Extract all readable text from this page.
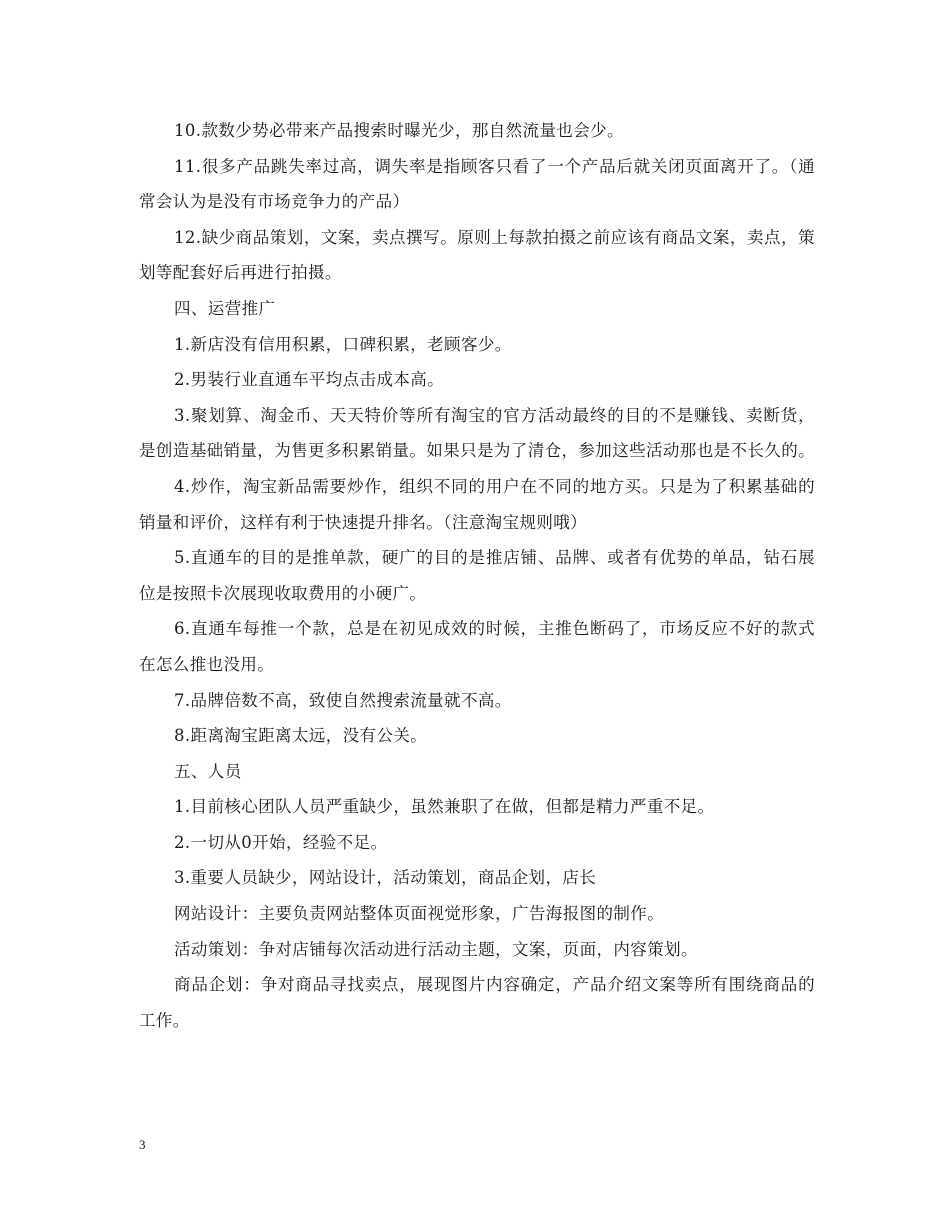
10.款数少势必带来产品搜索时曝光少，那自然流量也会少。

11.很多产品跳失率过高，调失率是指顾客只看了一个产品后就关闭页面离开了。（通常会认为是没有市场竞争力的产品）

12.缺少商品策划，文案，卖点撰写。原则上每款拍摄之前应该有商品文案，卖点，策划等配套好后再进行拍摄。

四、运营推广

1.新店没有信用积累，口碑积累，老顾客少。

2.男装行业直通车平均点击成本高。

3.聚划算、淘金币、天天特价等所有淘宝的官方活动最终的目的不是赚钱、卖断货，是创造基础销量，为售更多积累销量。如果只是为了清仓，参加这些活动那也是不长久的。

4.炒作，淘宝新品需要炒作，组织不同的用户在不同的地方买。只是为了积累基础的销量和评价，这样有利于快速提升排名。（注意淘宝规则哦）

5.直通车的目的是推单款，硬广的目的是推店铺、品牌、或者有优势的单品，钻石展位是按照卡次展现收取费用的小硬广。

6.直通车每推一个款，总是在初见成效的时候，主推色断码了，市场反应不好的款式在怎么推也没用。

7.品牌倍数不高，致使自然搜索流量就不高。

8.距离淘宝距离太远，没有公关。

五、人员

1.目前核心团队人员严重缺少，虽然兼职了在做，但都是精力严重不足。

2.一切从0开始，经验不足。

3.重要人员缺少，网站设计，活动策划，商品企划，店长

网站设计：主要负责网站整体页面视觉形象，广告海报图的制作。

活动策划：争对店铺每次活动进行活动主题，文案，页面，内容策划。

商品企划：争对商品寻找卖点，展现图片内容确定，产品介绍文案等所有围绕商品的工作。

3
